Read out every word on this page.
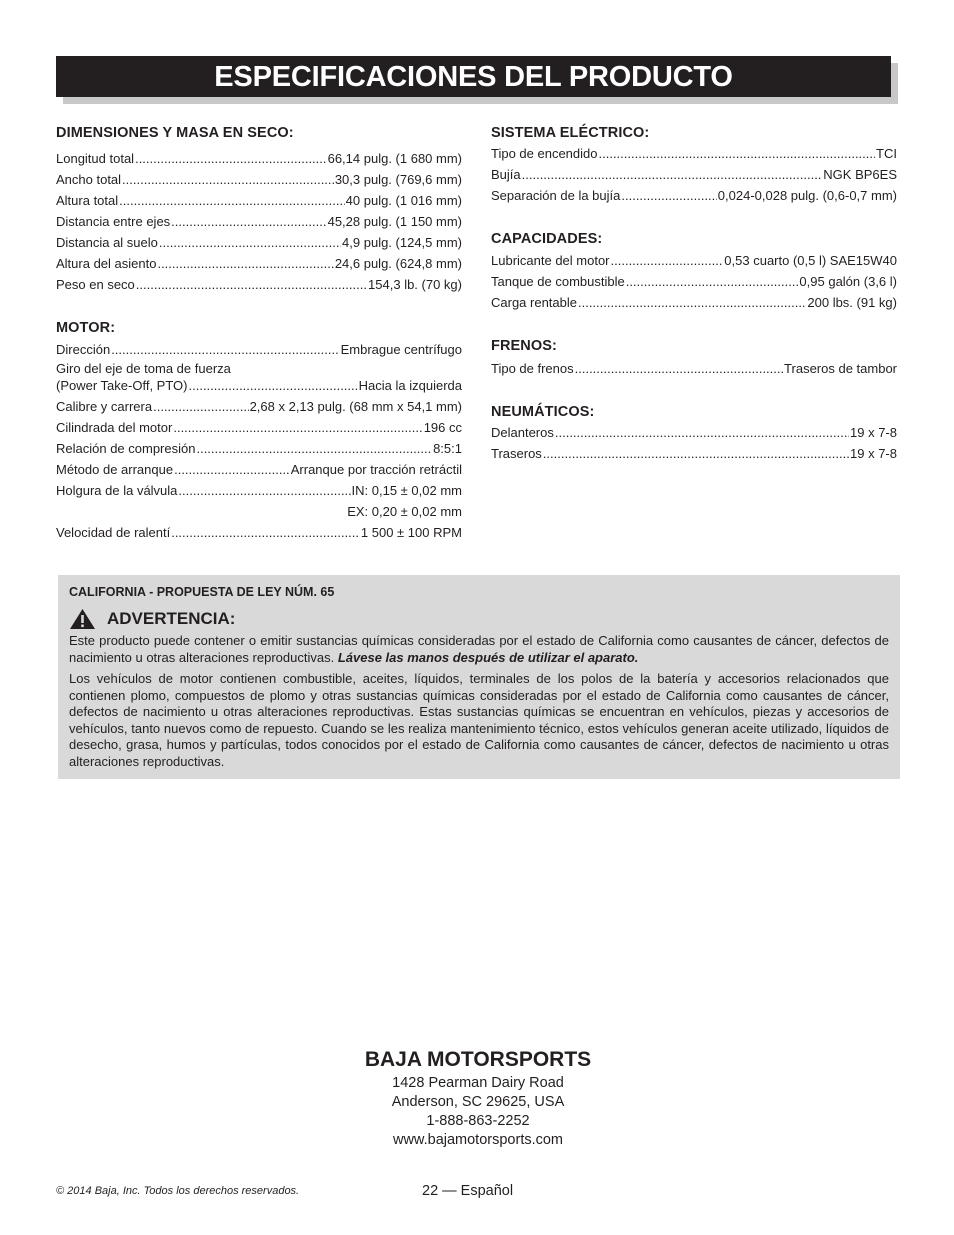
ESPECIFICACIONES DEL PRODUCTO
DIMENSIONES Y MASA EN SECO:
Longitud total .....	66,14 pulg. (1 680 mm)
Ancho total .....	30,3 pulg. (769,6 mm)
Altura total .....	40 pulg. (1 016 mm)
Distancia entre ejes .....	45,28 pulg. (1 150 mm)
Distancia al suelo .....	4,9 pulg. (124,5 mm)
Altura del asiento .....	24,6 pulg. (624,8 mm)
Peso en seco .....	154,3 lb. (70 kg)
MOTOR:
Dirección .....	Embrague centrífugo
Giro del eje de toma de fuerza
(Power Take-Off, PTO) .....	Hacia la izquierda
Calibre y carrera .....	2,68 x 2,13 pulg. (68 mm x 54,1 mm)
Cilindrada del motor .....	196 cc
Relación de compresión .....	8:5:1
Método de arranque .....	Arranque por tracción retráctil
Holgura de la válvula .....	IN: 0,15 ± 0,02 mm
EX: 0,20 ± 0,02 mm
Velocidad de ralentí .....	1 500 ± 100 RPM
SISTEMA ELÉCTRICO:
Tipo de encendido .....	TCI
Bujía .....	NGK BP6ES
Separación de la bujía .....	0,024-0,028 pulg. (0,6-0,7 mm)
CAPACIDADES:
Lubricante del motor .....	0,53 cuarto (0,5 l) SAE15W40
Tanque de combustible .....	0,95 galón (3,6 l)
Carga rentable .....	200 lbs. (91 kg)
FRENOS:
Tipo de frenos .....	Traseros de tambor
NEUMÁTICOS:
Delanteros .....	19 x 7-8
Traseros .....	19 x 7-8
CALIFORNIA - PROPUESTA DE LEY NÚM. 65
ADVERTENCIA:

Este producto puede contener o emitir sustancias químicas consideradas por el estado de California como causantes de cáncer, defectos de nacimiento u otras alteraciones reproductivas. Lávese las manos después de utilizar el aparato.

Los vehículos de motor contienen combustible, aceites, líquidos, terminales de los polos de la batería y accesorios relacionados que contienen plomo, compuestos de plomo y otras sustancias químicas consideradas por el estado de California como causantes de cáncer, defectos de nacimiento u otras alteraciones reproductivas. Estas sustancias químicas se encuentran en vehículos, piezas y accesorios de vehículos, tanto nuevos como de repuesto. Cuando se les realiza mantenimiento técnico, estos vehículos generan aceite utilizado, líquidos de desecho, grasa, humos y partículas, todos conocidos por el estado de California como causantes de cáncer, defectos de nacimiento u otras alteraciones reproductivas.

BAJA MOTORSPORTS
1428 Pearman Dairy Road
Anderson, SC 29625, USA
1-888-863-2252
www.bajamotorsports.com
© 2014 Baja, Inc. Todos los derechos reservados.	22 — Español
